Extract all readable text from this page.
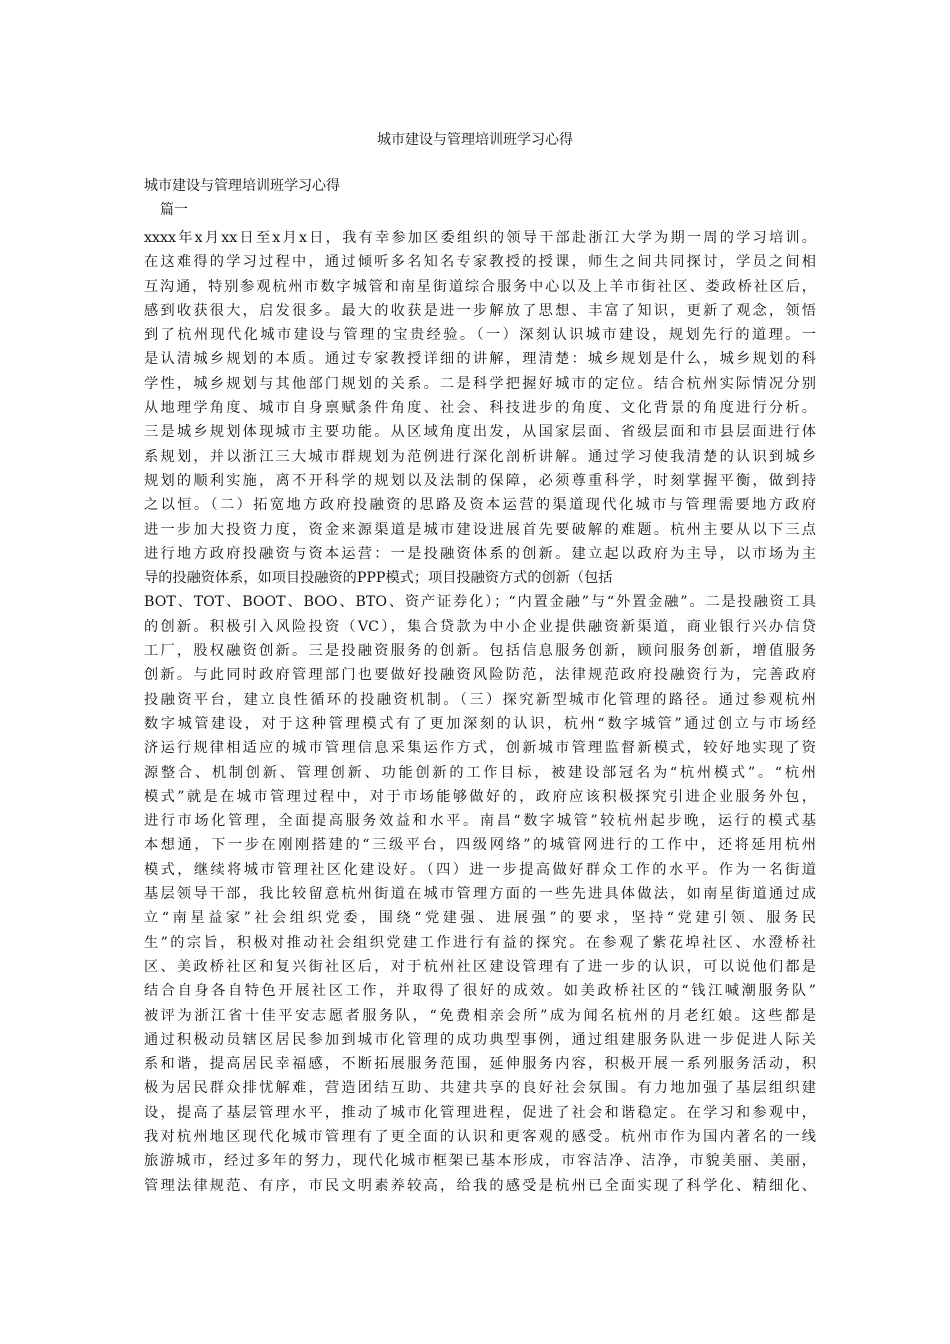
城市建设与管理培训班学习心得
城市建设与管理培训班学习心得
篇一
xxxx年x月xx日至x月x日，我有幸参加区委组织的领导干部赴浙江大学为期一周的学习培训。
在这难得的学习过程中，通过倾听多名知名专家教授的授课，师生之间共同探讨，学员之间相
互沟通，特别参观杭州市数字城管和南星街道综合服务中心以及上羊市街社区、娄政桥社区后，
感到收获很大，启发很多。最大的收获是进一步解放了思想、丰富了知识，更新了观念，领悟
到了杭州现代化城市建设与管理的宝贵经验。（一）深刻认识城市建设，规划先行的道理。一
是认清城乡规划的本质。通过专家教授详细的讲解，理清楚：城乡规划是什么，城乡规划的科
学性，城乡规划与其他部门规划的关系。二是科学把握好城市的定位。结合杭州实际情况分别
从地理学角度、城市自身禀赋条件角度、社会、科技进步的角度、文化背景的角度进行分析。
三是城乡规划体现城市主要功能。从区域角度出发，从国家层面、省级层面和市县层面进行体
系规划，并以浙江三大城市群规划为范例进行深化剖析讲解。通过学习使我清楚的认识到城乡
规划的顺利实施，离不开科学的规划以及法制的保障，必须尊重科学，时刻掌握平衡，做到持
之以恒。（二）拓宽地方政府投融资的思路及资本运营的渠道现代化城市与管理需要地方政府
进一步加大投资力度，资金来源渠道是城市建设进展首先要破解的难题。杭州主要从以下三点
进行地方政府投融资与资本运营：一是投融资体系的创新。建立起以政府为主导，以市场为主
导的投融资体系，如项目投融资的PPP模式；项目投融资方式的创新（包括
BOT、TOT、BOOT、BOO、BTO、资产证券化）；“内置金融”与“外置金融”。二是投融资工具
的创新。积极引入风险投资（VC），集合贷款为中小企业提供融资新渠道，商业银行兴办信贷
工厂，股权融资创新。三是投融资服务的创新。包括信息服务创新，顾问服务创新，增值服务
创新。与此同时政府管理部门也要做好投融资风险防范，法律规范政府投融资行为，完善政府
投融资平台，建立良性循环的投融资机制。（三）探究新型城市化管理的路径。通过参观杭州
数字城管建设，对于这种管理模式有了更加深刻的认识，杭州“数字城管”通过创立与市场经
济运行规律相适应的城市管理信息采集运作方式，创新城市管理监督新模式，较好地实现了资
源整合、机制创新、管理创新、功能创新的工作目标，被建设部冠名为“杭州模式”。“杭州
模式”就是在城市管理过程中，对于市场能够做好的，政府应该积极探究引进企业服务外包，
进行市场化管理，全面提高服务效益和水平。南昌“数字城管”较杭州起步晚，运行的模式基
本想通，下一步在刚刚搭建的“三级平台，四级网络”的城管网进行的工作中，还将延用杭州
模式，继续将城市管理社区化建设好。（四）进一步提高做好群众工作的水平。作为一名街道
基层领导干部，我比较留意杭州街道在城市管理方面的一些先进具体做法，如南星街道通过成
立“南星益家”社会组织党委，围绕“党建强、进展强”的要求，坚持“党建引领、服务民
生”的宗旨，积极对推动社会组织党建工作进行有益的探究。在参观了紫花埠社区、水澄桥社
区、美政桥社区和复兴街社区后，对于杭州社区建设管理有了进一步的认识，可以说他们都是
结合自身各自特色开展社区工作，并取得了很好的成效。如美政桥社区的“钱江喊潮服务队”
被评为浙江省十佳平安志愿者服务队，“免费相亲会所”成为闻名杭州的月老红娘。这些都是
通过积极动员辖区居民参加到城市化管理的成功典型事例，通过组建服务队进一步促进人际关
系和谐，提高居民幸福感，不断拓展服务范围，延伸服务内容，积极开展一系列服务活动，积
极为居民群众排忧解难，营造团结互助、共建共享的良好社会氛围。有力地加强了基层组织建
设，提高了基层管理水平，推动了城市化管理进程，促进了社会和谐稳定。在学习和参观中，
我对杭州地区现代化城市管理有了更全面的认识和更客观的感受。杭州市作为国内著名的一线
旅游城市，经过多年的努力，现代化城市框架已基本形成，市容洁净、洁净，市貌美丽、美丽，
管理法律规范、有序，市民文明素养较高，给我的感受是杭州已全面实现了科学化、精细化、
